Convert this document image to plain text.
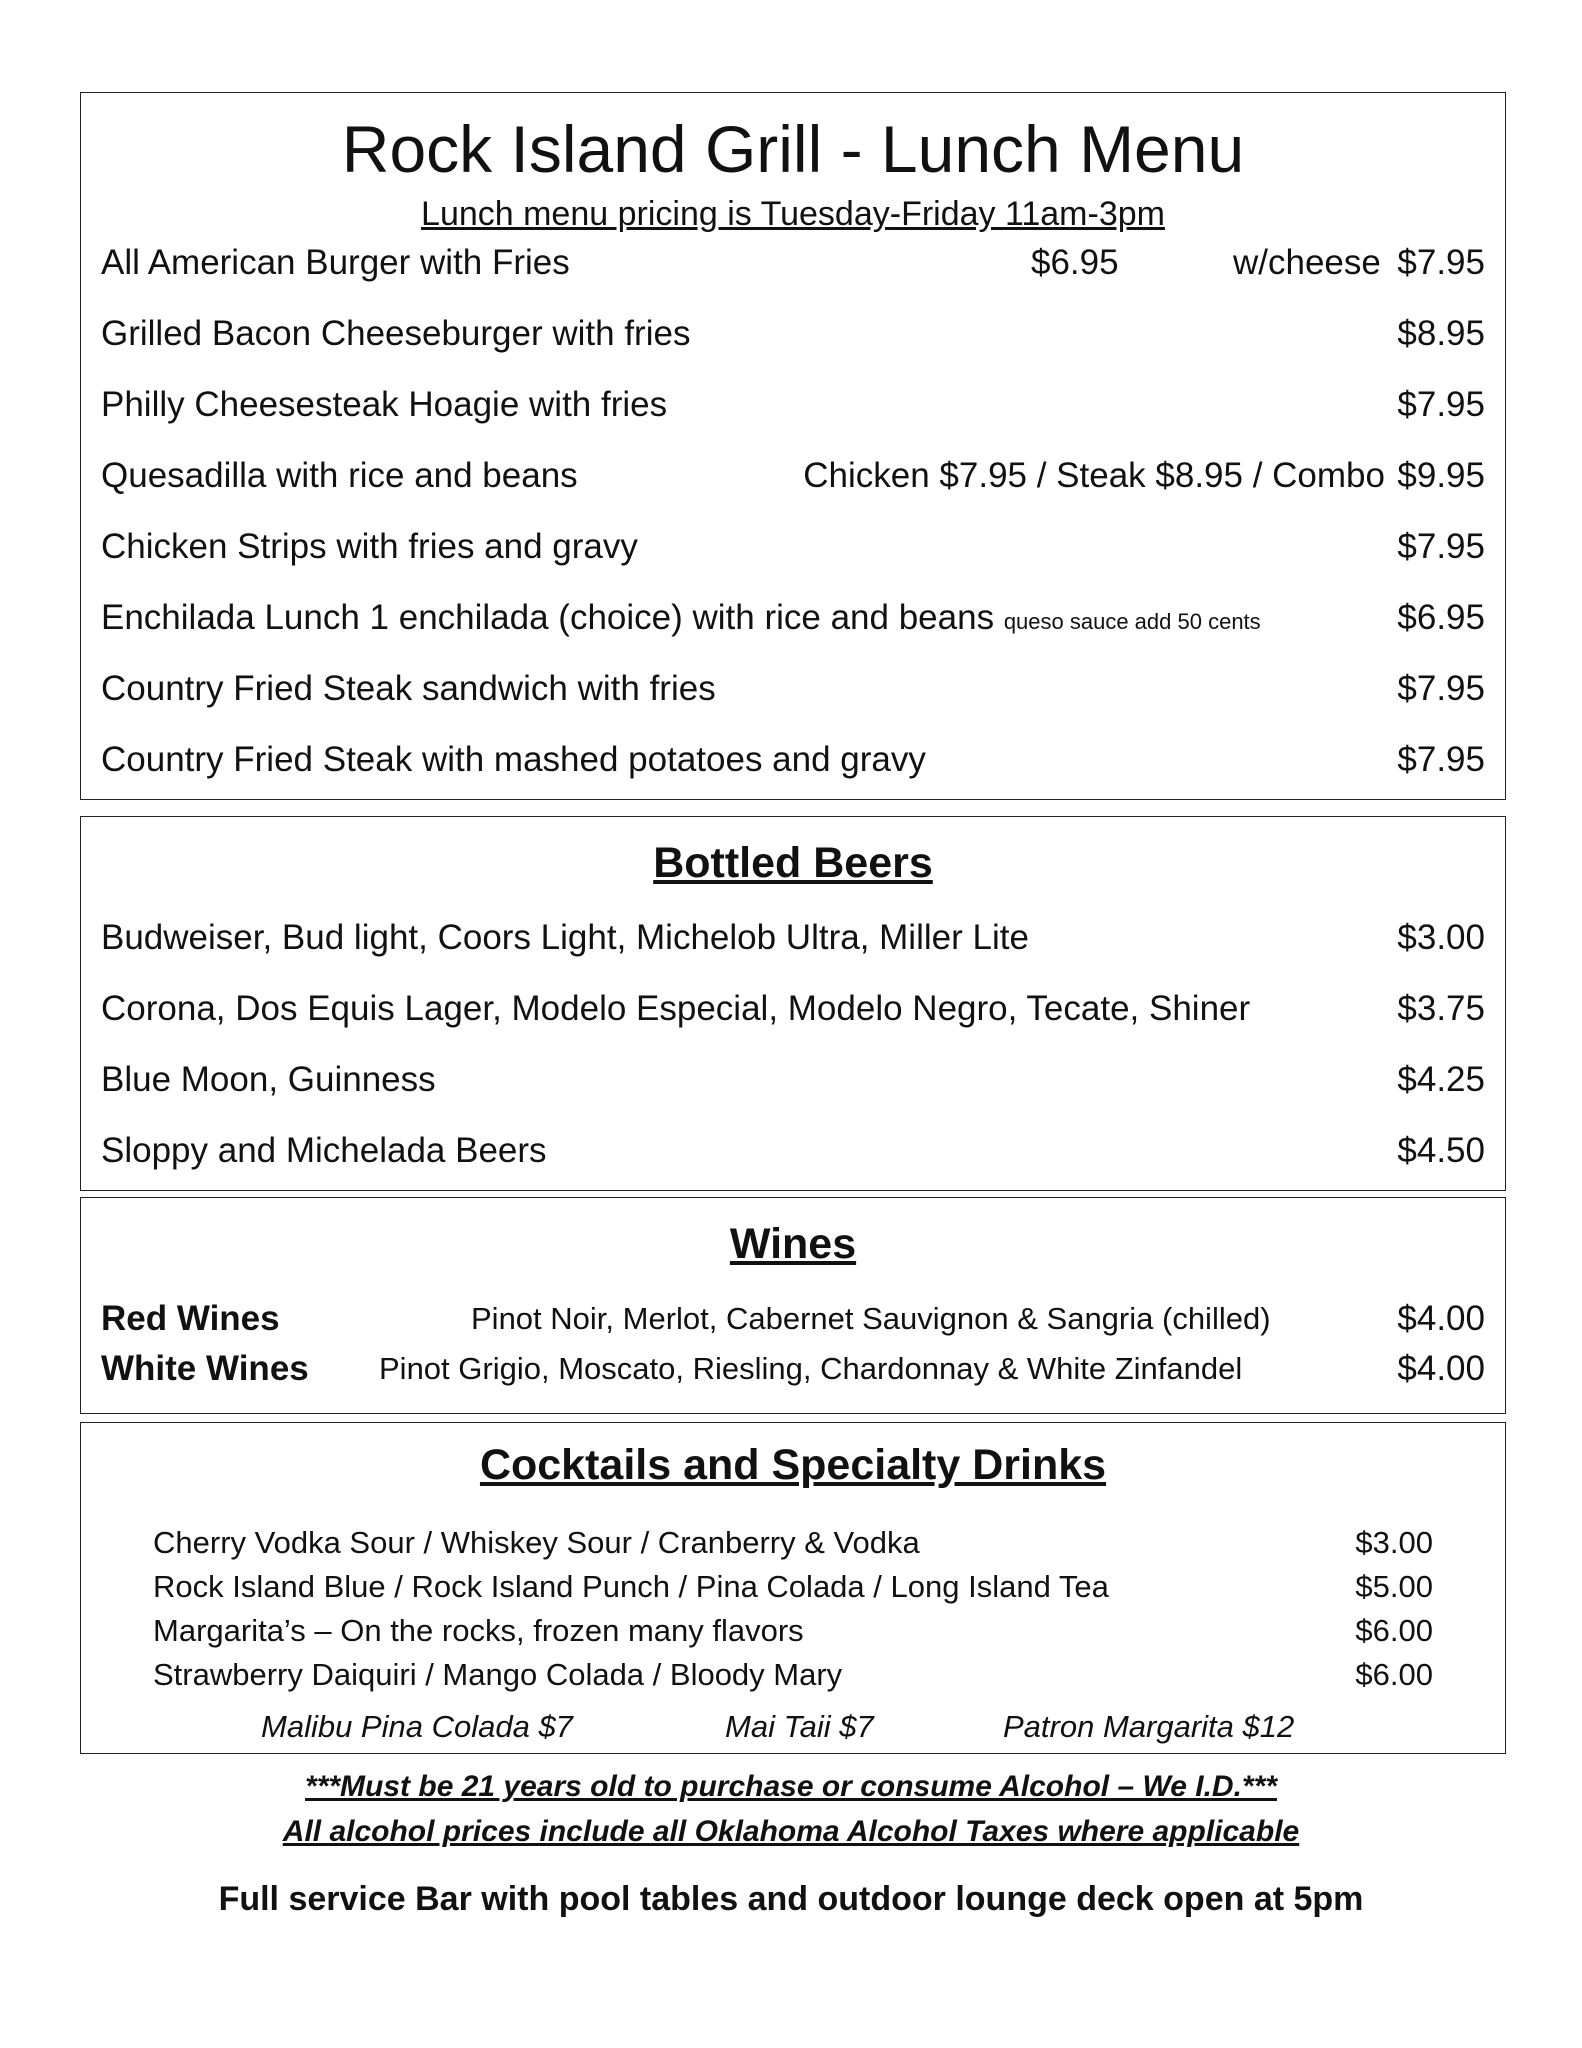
Rock Island Grill - Lunch Menu
Lunch menu pricing is Tuesday-Friday 11am-3pm
All American Burger with Fries	$6.95	w/cheese $7.95
Grilled Bacon Cheeseburger with fries	$8.95
Philly Cheesesteak Hoagie with fries	$7.95
Quesadilla with rice and beans	Chicken $7.95 / Steak $8.95 / Combo $9.95
Chicken Strips with fries and gravy	$7.95
Enchilada Lunch 1 enchilada (choice) with rice and beans queso sauce add 50 cents	$6.95
Country Fried Steak sandwich with fries	$7.95
Country Fried Steak with mashed potatoes and gravy	$7.95
Bottled Beers
Budweiser, Bud light, Coors Light, Michelob Ultra, Miller Lite	$3.00
Corona, Dos Equis Lager, Modelo Especial, Modelo Negro, Tecate, Shiner	$3.75
Blue Moon, Guinness	$4.25
Sloppy and Michelada Beers	$4.50
Wines
Red Wines	Pinot Noir, Merlot, Cabernet Sauvignon & Sangria (chilled)	$4.00
White Wines Pinot Grigio, Moscato, Riesling, Chardonnay & White Zinfandel	$4.00
Cocktails and Specialty Drinks
Cherry Vodka Sour / Whiskey Sour / Cranberry & Vodka	$3.00
Rock Island Blue / Rock Island Punch / Pina Colada / Long Island Tea	$5.00
Margarita’s – On the rocks, frozen many flavors	$6.00
Strawberry Daiquiri / Mango Colada / Bloody Mary	$6.00
Malibu Pina Colada $7	Mai Taii $7	Patron Margarita $12
***Must be 21 years old to purchase or consume Alcohol – We I.D.***
All alcohol prices include all Oklahoma Alcohol Taxes where applicable
Full service Bar with pool tables and outdoor lounge deck open at 5pm
